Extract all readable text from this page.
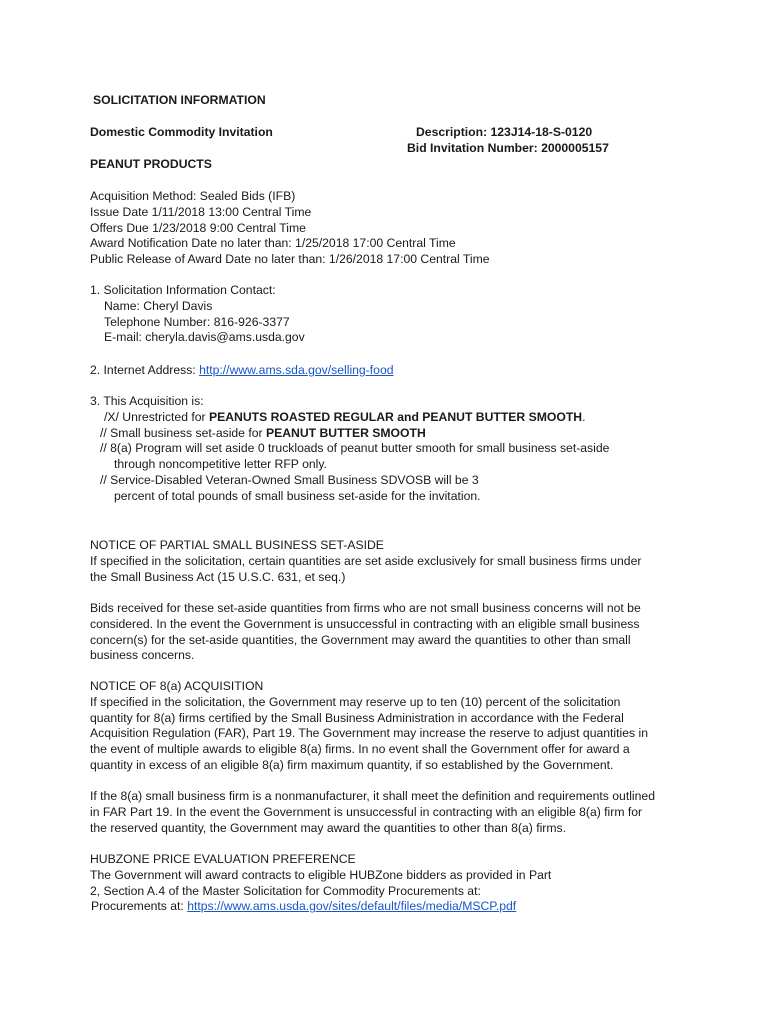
SOLICITATION INFORMATION
Domestic Commodity Invitation	Description: 123J14-18-S-0120
Bid Invitation Number: 2000005157
PEANUT PRODUCTS
Acquisition Method: Sealed Bids (IFB)
Issue Date 1/11/2018 13:00 Central Time
Offers Due 1/23/2018 9:00 Central Time
Award Notification Date no later than: 1/25/2018 17:00 Central Time
Public Release of Award Date no later than: 1/26/2018 17:00 Central Time
1. Solicitation Information Contact:
Name: Cheryl Davis
Telephone Number: 816-926-3377
E-mail: cheryla.davis@ams.usda.gov
2. Internet Address: http://www.ams.sda.gov/selling-food
3. This Acquisition is:
/X/ Unrestricted for PEANUTS ROASTED REGULAR and PEANUT BUTTER SMOOTH.
// Small business set-aside for PEANUT BUTTER SMOOTH
// 8(a) Program will set aside 0 truckloads of peanut butter smooth for small business set-aside
through noncompetitive letter RFP only.
// Service-Disabled Veteran-Owned Small Business SDVOSB will be 3
percent of total pounds of small business set-aside for the invitation.
NOTICE OF PARTIAL SMALL BUSINESS SET-ASIDE
If specified in the solicitation, certain quantities are set aside exclusively for small business firms under
the Small Business Act (15 U.S.C. 631, et seq.)
Bids received for these set-aside quantities from firms who are not small business concerns will not be
considered. In the event the Government is unsuccessful in contracting with an eligible small business
concern(s) for the set-aside quantities, the Government may award the quantities to other than small
business concerns.
NOTICE OF 8(a) ACQUISITION
If specified in the solicitation, the Government may reserve up to ten (10) percent of the solicitation
quantity for 8(a) firms certified by the Small Business Administration in accordance with the Federal
Acquisition Regulation (FAR), Part 19. The Government may increase the reserve to adjust quantities in
the event of multiple awards to eligible 8(a) firms. In no event shall the Government offer for award a
quantity in excess of an eligible 8(a) firm maximum quantity, if so established by the Government.
If the 8(a) small business firm is a nonmanufacturer, it shall meet the definition and requirements outlined
in FAR Part 19. In the event the Government is unsuccessful in contracting with an eligible 8(a) firm for
the reserved quantity, the Government may award the quantities to other than 8(a) firms.
HUBZONE PRICE EVALUATION PREFERENCE
The Government will award contracts to eligible HUBZone bidders as provided in Part
2, Section A.4 of the Master Solicitation for Commodity Procurements at:
Procurements at: https://www.ams.usda.gov/sites/default/files/media/MSCP.pdf
